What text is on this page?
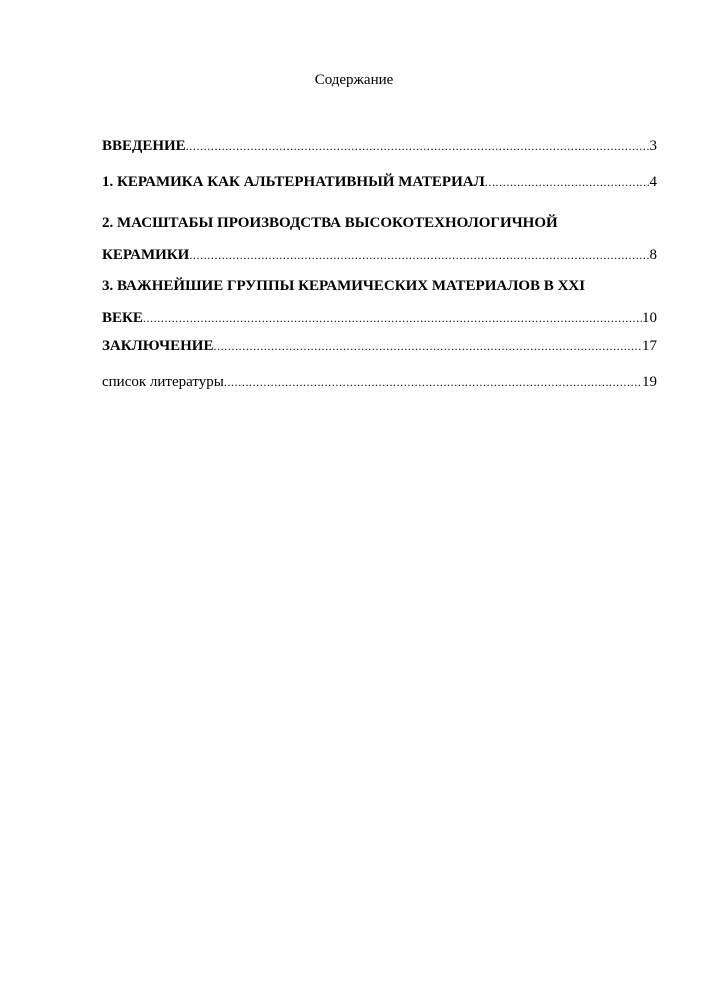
Содержание
ВВЕДЕНИЕ .....	3
1. КЕРАМИКА КАК АЛЬТЕРНАТИВНЫЙ МАТЕРИАЛ .....	4
2. МАСШТАБЫ ПРОИЗВОДСТВА ВЫСОКОТЕХНОЛОГИЧНОЙ
КЕРАМИКИ .....	8
3. ВАЖНЕЙШИЕ ГРУППЫ КЕРАМИЧЕСКИХ МАТЕРИАЛОВ В XXI
ВЕКЕ .....	10
ЗАКЛЮЧЕНИЕ .....	17
список литературы .....	19
